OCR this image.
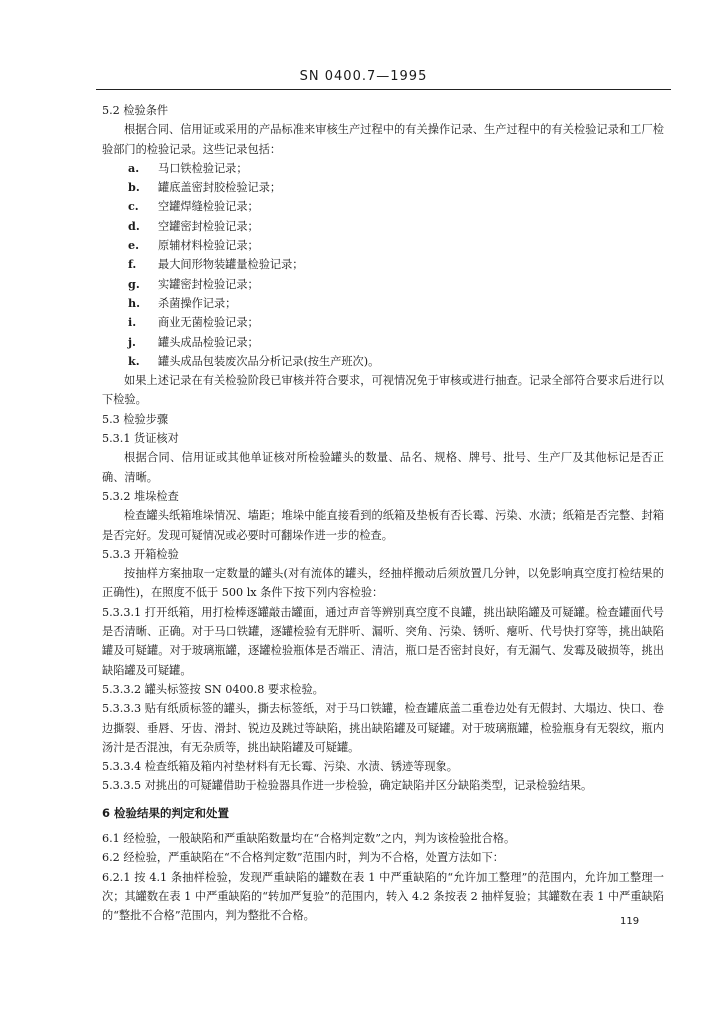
SN 0400.7—1995

5.2 检验条件

根据合同、信用证或采用的产品标准来审核生产过程中的有关操作记录、生产过程中的有关检验记录和工厂检验部门的检验记录。这些记录包括：

a. 马口铁检验记录；
b. 罐底盖密封胶检验记录；
c. 空罐焊缝检验记录；
d. 空罐密封检验记录；
e. 原辅材料检验记录；
f. 最大间形物装罐量检验记录；
g. 实罐密封检验记录；
h. 杀菌操作记录；
i. 商业无菌检验记录；
j. 罐头成品检验记录；
k. 罐头成品包装废次品分析记录(按生产班次)。

如果上述记录在有关检验阶段已审核并符合要求，可视情况免于审核或进行抽查。记录全部符合要求后进行以下检验。

5.3 检验步骤

5.3.1 货证核对

根据合同、信用证或其他单证核对所检验罐头的数量、品名、规格、牌号、批号、生产厂及其他标记是否正确、清晰。

5.3.2 堆垛检查

检查罐头纸箱堆垛情况、墙距；堆垛中能直接看到的纸箱及垫板有否长霉、污染、水渍；纸箱是否完整、封箱是否完好。发现可疑情况或必要时可翻垛作进一步的检查。

5.3.3 开箱检验

按抽样方案抽取一定数量的罐头(对有流体的罐头，经抽样搬动后须放置几分钟，以免影响真空度打检结果的正确性)，在照度不低于 500 lx 条件下按下列内容检验：

5.3.3.1 打开纸箱，用打检棒逐罐敲击罐面，通过声音等辨别真空度不良罐，挑出缺陷罐及可疑罐。检查罐面代号是否清晰、正确。对于马口铁罐，逐罐检验有无胖听、漏听、突角、污染、锈听、瘪听、代号快打穿等，挑出缺陷罐及可疑罐。对于玻璃瓶罐，逐罐检验瓶体是否端正、清洁，瓶口是否密封良好，有无漏气、发霉及破损等，挑出缺陷罐及可疑罐。

5.3.3.2 罐头标签按 SN 0400.8 要求检验。

5.3.3.3 贴有纸质标签的罐头，撕去标签纸，对于马口铁罐，检查罐底盖二重卷边处有无假封、大塌边、快口、卷边撕裂、垂唇、牙齿、滑封、锐边及跳过等缺陷，挑出缺陷罐及可疑罐。对于玻璃瓶罐，检验瓶身有无裂纹，瓶内汤汁是否混浊，有无杂质等，挑出缺陷罐及可疑罐。

5.3.3.4 检查纸箱及箱内衬垫材料有无长霉、污染、水渍、锈迹等现象。

5.3.3.5 对挑出的可疑罐借助于检验器具作进一步检验，确定缺陷并区分缺陷类型，记录检验结果。

6 检验结果的判定和处置

6.1 经检验，一般缺陷和严重缺陷数量均在“合格判定数”之内，判为该检验批合格。

6.2 经检验，严重缺陷在“不合格判定数”范围内时，判为不合格，处置方法如下：

6.2.1 按 4.1 条抽样检验，发现严重缺陷的罐数在表 1 中严重缺陷的“允许加工整理”的范围内，允许加工整理一次；其罐数在表 1 中严重缺陷的“转加严复验”的范围内，转入 4.2 条按表 2 抽样复验；其罐数在表 1 中严重缺陷的“整批不合格”范围内，判为整批不合格。	119
